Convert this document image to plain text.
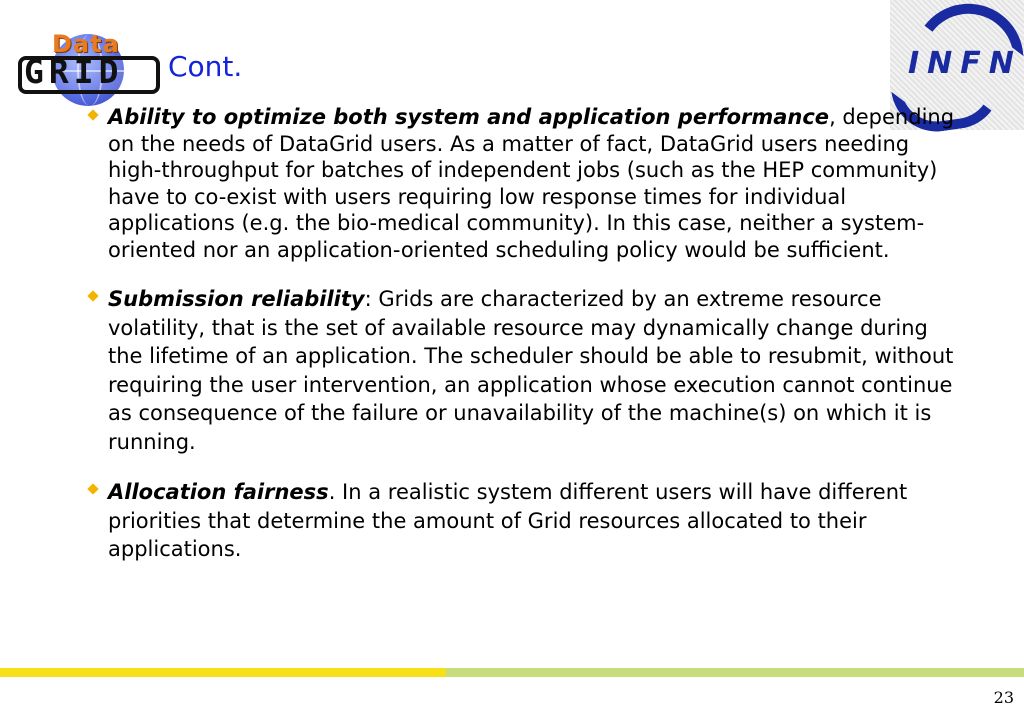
Data
GRID Cont.	INFN
Ability to optimize both system and application performance, depending on the needs of DataGrid users. As a matter of fact, DataGrid users needing high-throughput for batches of independent jobs (such as the HEP community) have to co-exist with users requiring low response times for individual applications (e.g. the bio-medical community). In this case, neither a system-oriented nor an application-oriented scheduling policy would be sufficient.
Submission reliability: Grids are characterized by an extreme resource volatility, that is the set of available resource may dynamically change during the lifetime of an application. The scheduler should be able to resubmit, without requiring the user intervention, an application whose execution cannot continue as consequence of the failure or unavailability of the machine(s) on which it is running.
Allocation fairness. In a realistic system different users will have different priorities that determine the amount of Grid resources allocated to their applications.
23
